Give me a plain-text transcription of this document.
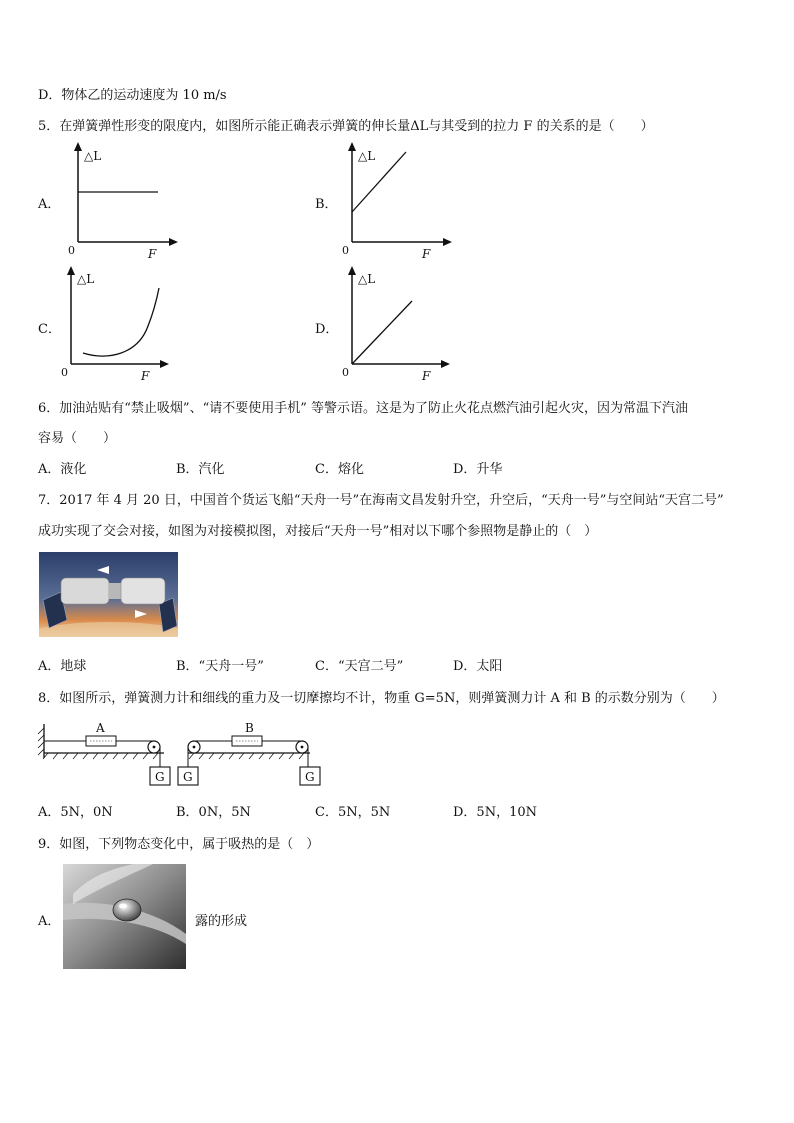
D．物体乙的运动速度为 10 m/s
5．在弹簧弹性形变的限度内，如图所示能正确表示弹簧的伸长量ΔL与其受到的拉力 F 的关系的是（　　）
A．
△L
0	F
B．
△L
0	F
C．
△L
0	F
D．
△L
0	F
6．加油站贴有“禁止吸烟”、“请不要使用手机” 等警示语。这是为了防止火花点燃汽油引起火灾，因为常温下汽油
容易（　　）
A．液化	B．汽化	C．熔化	D．升华
7．2017 年 4 月 20 日，中国首个货运飞船“天舟一号”在海南文昌发射升空，升空后，“天舟一号”与空间站“天宫二号”
成功实现了交会对接，如图为对接模拟图，对接后“天舟一号”相对以下哪个参照物是静止的（　）
A．地球	B．“天舟一号”	C．“天宫二号”	D．太阳
8．如图所示，弹簧测力计和细线的重力及一切摩擦均不计，物重 G=5N，则弹簧测力计 A 和 B 的示数分别为（　　）
A
G
B
G	G
A．5N，0N	B．0N，5N	C．5N，5N	D．5N，10N
9．如图，下列物态变化中，属于吸热的是（　）
A．	露的形成
